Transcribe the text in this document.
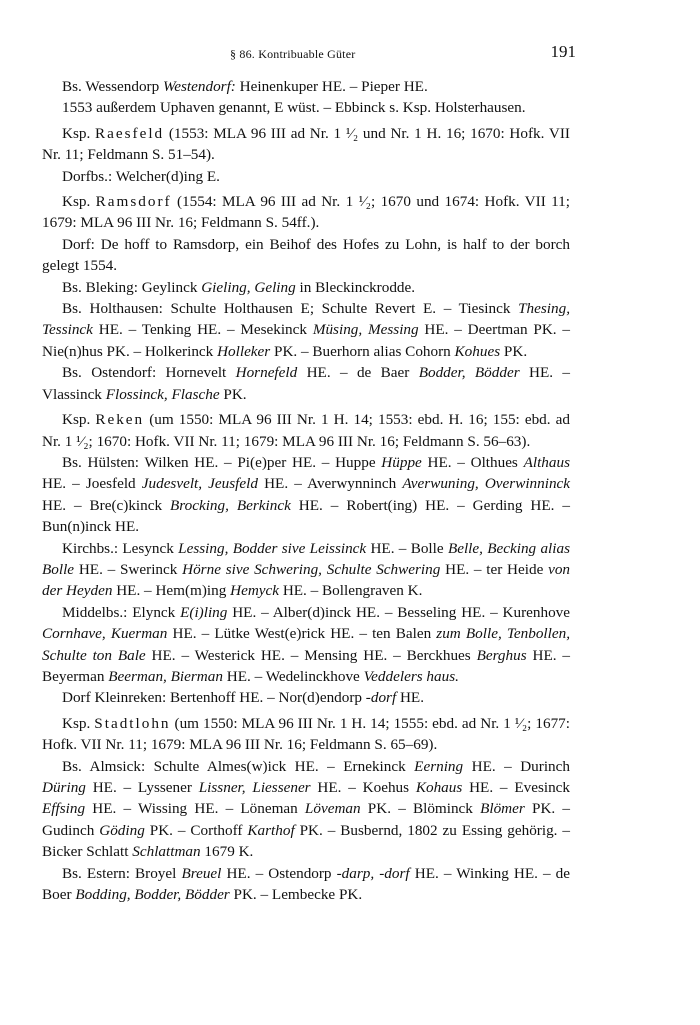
§ 86. Kontribuable Güter	191

Bs. Wessendorp Westendorf: Heinenkuper HE. – Pieper HE.

1553 außerdem Uphaven genannt, E wüst. – Ebbinck s. Ksp. Holsterhausen.

Ksp. Raesfeld (1553: MLA 96 III ad Nr. 1 ¹⁄₂ und Nr. 1 H. 16; 1670: Hofk. VII Nr. 11; Feldmann S. 51–54).

Dorfbs.: Welcher(d)ing E.

Ksp. Ramsdorf (1554: MLA 96 III ad Nr. 1 ¹⁄₂; 1670 und 1674: Hofk. VII 11; 1679: MLA 96 III Nr. 16; Feldmann S. 54ff.).

Dorf: De hoff to Ramsdorp, ein Beihof des Hofes zu Lohn, is half to der borch gelegt 1554.

Bs. Bleking: Geylinck Gieling, Geling in Bleckinckrodde.

Bs. Holthausen: Schulte Holthausen E; Schulte Revert E. – Tiesinck Thesing, Tessinck HE. – Tenking HE. – Mesekinck Müsing, Messing HE. – Deertman PK. – Nie(n)hus PK. – Holkerinck Holleker PK. – Buerhorn alias Cohorn Kohues PK.

Bs. Ostendorf: Hornevelt Hornefeld HE. – de Baer Bodder, Bödder HE. – Vlassinck Flossinck, Flasche PK.

Ksp. Reken (um 1550: MLA 96 III Nr. 1 H. 14; 1553: ebd. H. 16; 155: ebd. ad Nr. 1 ¹⁄₂; 1670: Hofk. VII Nr. 11; 1679: MLA 96 III Nr. 16; Feldmann S. 56–63).

Bs. Hülsten: Wilken HE. – Pi(e)per HE. – Huppe Hüppe HE. – Olthues Althaus HE. – Joesfeld Judesvelt, Jeusfeld HE. – Averwynninch Averwuning, Overwinninck HE. – Bre(c)kinck Brocking, Berkinck HE. – Robert(ing) HE. – Gerding HE. – Bun(n)inck HE.

Kirchbs.: Lesynck Lessing, Bodder sive Leissinck HE. – Bolle Belle, Becking alias Bolle HE. – Swerinck Hörne sive Schwering, Schulte Schwering HE. – ter Heide von der Heyden HE. – Hem(m)ing Hemyck HE. – Bollengraven K.

Middelbs.: Elynck E(i)ling HE. – Alber(d)inck HE. – Besseling HE. – Kurenhove Cornhave, Kuerman HE. – Lütke West(e)rick HE. – ten Balen zum Bolle, Tenbollen, Schulte ton Bale HE. – Westerick HE. – Mensing HE. – Berckhues Berghus HE. – Beyerman Beerman, Bierman HE. – Wedelinckhove Veddelers haus.

Dorf Kleinreken: Bertenhoff HE. – Nor(d)endorp -dorf HE.

Ksp. Stadtlohn (um 1550: MLA 96 III Nr. 1 H. 14; 1555: ebd. ad Nr. 1 ¹⁄₂; 1677: Hofk. VII Nr. 11; 1679: MLA 96 III Nr. 16; Feldmann S. 65–69).

Bs. Almsick: Schulte Almes(w)ick HE. – Ernekinck Eerning HE. – Durinch Düring HE. – Lyssener Lissner, Liessener HE. – Koehus Kohaus HE. – Evesinck Effsing HE. – Wissing HE. – Löneman Löveman PK. – Blöminck Blömer PK. – Gudinch Göding PK. – Corthoff Karthof PK. – Busbernd, 1802 zu Essing gehörig. – Bicker Schlatt Schlattman 1679 K.

Bs. Estern: Broyel Breuel HE. – Ostendorp -darp, -dorf HE. – Winking HE. – de Boer Bodding, Bodder, Bödder PK. – Lembecke PK.
